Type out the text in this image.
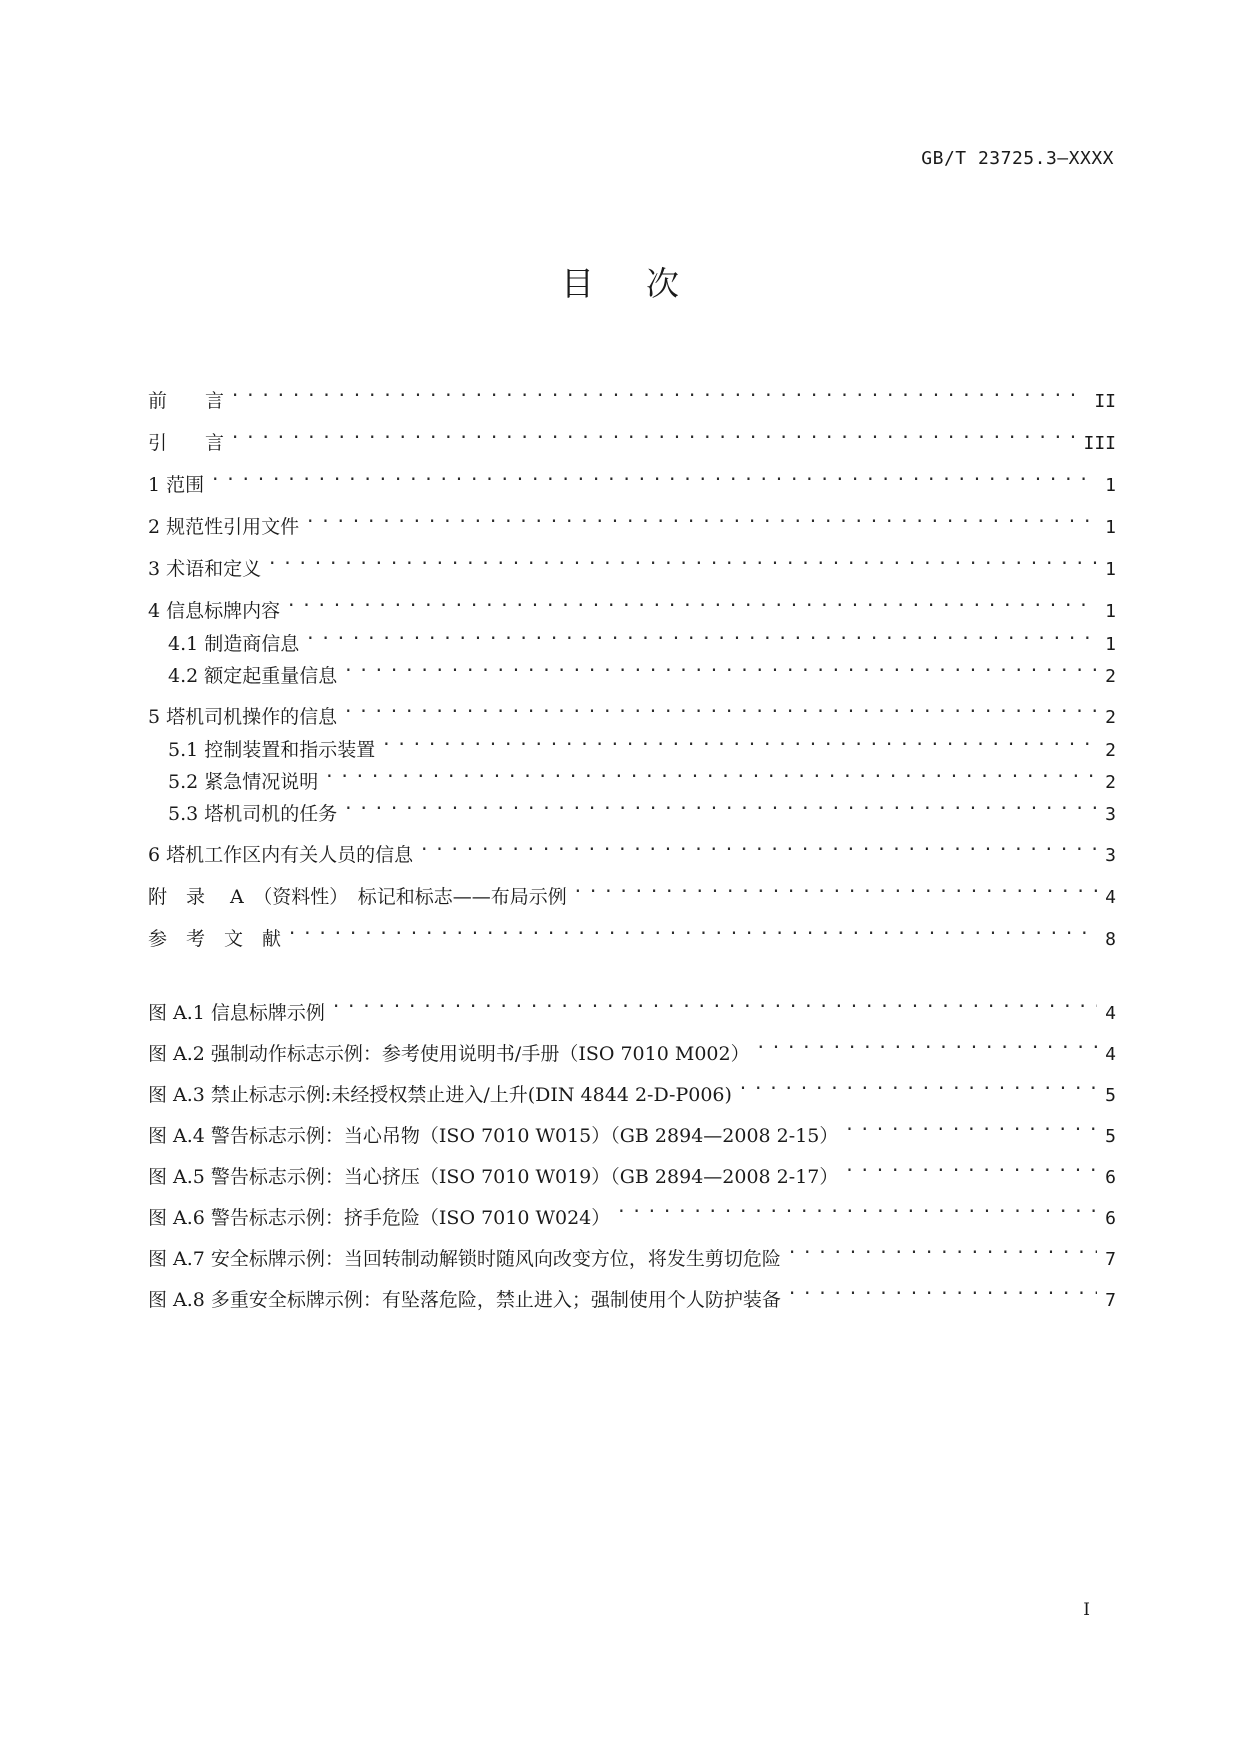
GB/T 23725.3—XXXX
目次
前　　言 .....	II
引　　言 .....	III
1 范围 .....	1
2 规范性引用文件 .....	1
3 术语和定义 .....	1
4 信息标牌内容 .....	1
4.1 制造商信息 .....	1
4.2 额定起重量信息 .....	2
5 塔机司机操作的信息 .....	2
5.1 控制装置和指示装置 .....	2
5.2 紧急情况说明 .....	2
5.3 塔机司机的任务 .....	3
6 塔机工作区内有关人员的信息 .....	3
附　录　 A　（资料性）　标记和标志——布局示例 .....	4
参　考　文　献 .....	8
图 A.1 信息标牌示例 .....	4
图 A.2 强制动作标志示例：参考使用说明书/手册（ISO 7010 M002） .....	4
图 A.3 禁止标志示例:未经授权禁止进入/上升(DIN 4844 2-D-P006) .....	5
图 A.4 警告标志示例：当心吊物（ISO 7010 W015）（GB 2894—2008 2-15） .....	5
图 A.5 警告标志示例：当心挤压（ISO 7010 W019）（GB 2894—2008 2-17） .....	6
图 A.6 警告标志示例：挤手危险（ISO 7010 W024） .....	6
图 A.7 安全标牌示例：当回转制动解锁时随风向改变方位，将发生剪切危险 .....	7
图 A.8 多重安全标牌示例：有坠落危险，禁止进入；强制使用个人防护装备 .....	7
I
